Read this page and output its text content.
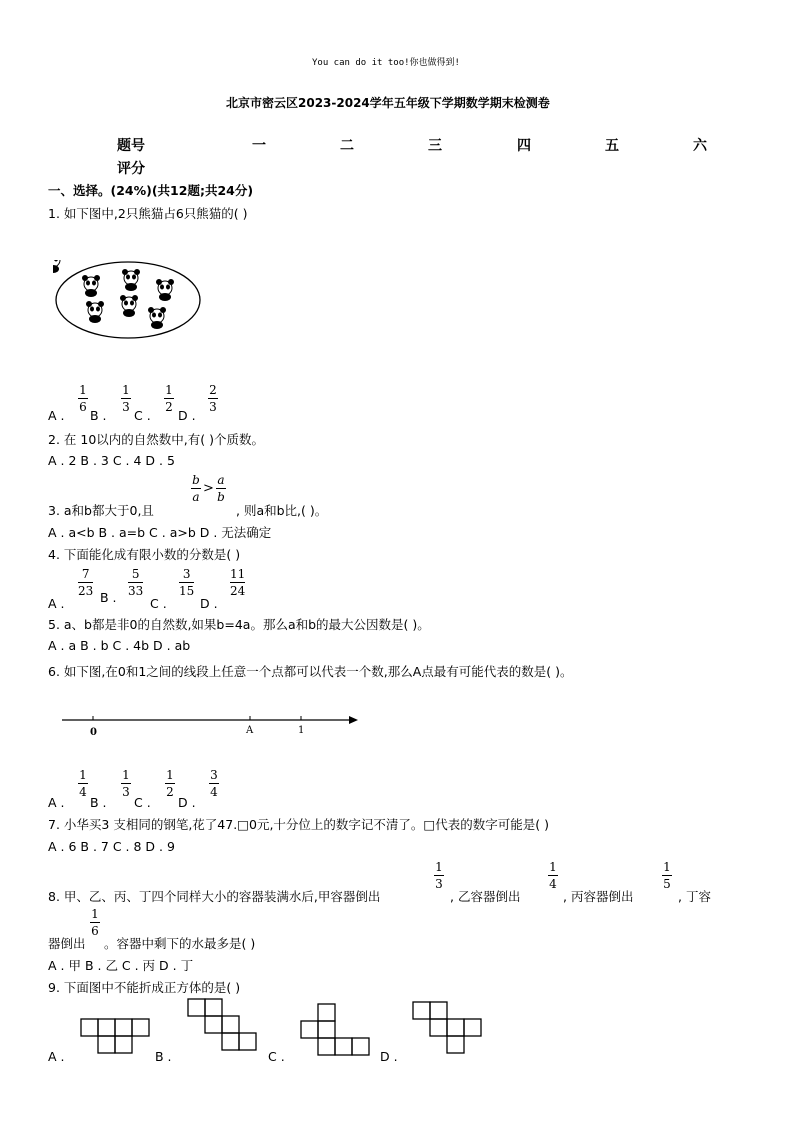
You can do it too!你也做得到!
北京市密云区2023-2024学年五年级下学期数学期末检测卷
题号	一	二	三	四	五	六
评分
一、选择。(24%)(共12题;共24分)
1. 如下图中,2只熊猫占6只熊猫的( )
A .
1
6
B .
1
3
C .
1
2
D .
2
3
2. 在 10以内的自然数中,有( )个质数。
A . 2 B . 3 C . 4 D . 5
b
a
>
a
b
3. a和b都大于0,且	, 则a和b比,( )。
A . a<b B . a=b C . a>b D . 无法确定
4. 下面能化成有限小数的分数是( )
A .
7
23 B .
5
33
C .
3
15
D .
11
24
5. a、b都是非0的自然数,如果b=4a。那么a和b的最大公因数是( )。
A . a B . b C . 4b D . ab
6. 如下图,在0和1之间的线段上任意一个点都可以代表一个数,那么A点最有可能代表的数是( )。
0	A	1
A .
1
4
B .
1
3
C .
1
2
D .
3
4
7. 小华买3 支相同的钢笔,花了47.□0元,十分位上的数字记不清了。□代表的数字可能是( )
A . 6 B . 7 C . 8 D . 9
8. 甲、乙、丙、丁四个同样大小的容器装满水后,甲容器倒出
1
3
, 乙容器倒出
1
4
, 丙容器倒出
1
5
, 丁容
器倒出
1
6
。容器中剩下的水最多是( )
A . 甲 B . 乙 C . 丙 D . 丁
9. 下面图中不能折成正方体的是( )
A .	B .	C .	D .
